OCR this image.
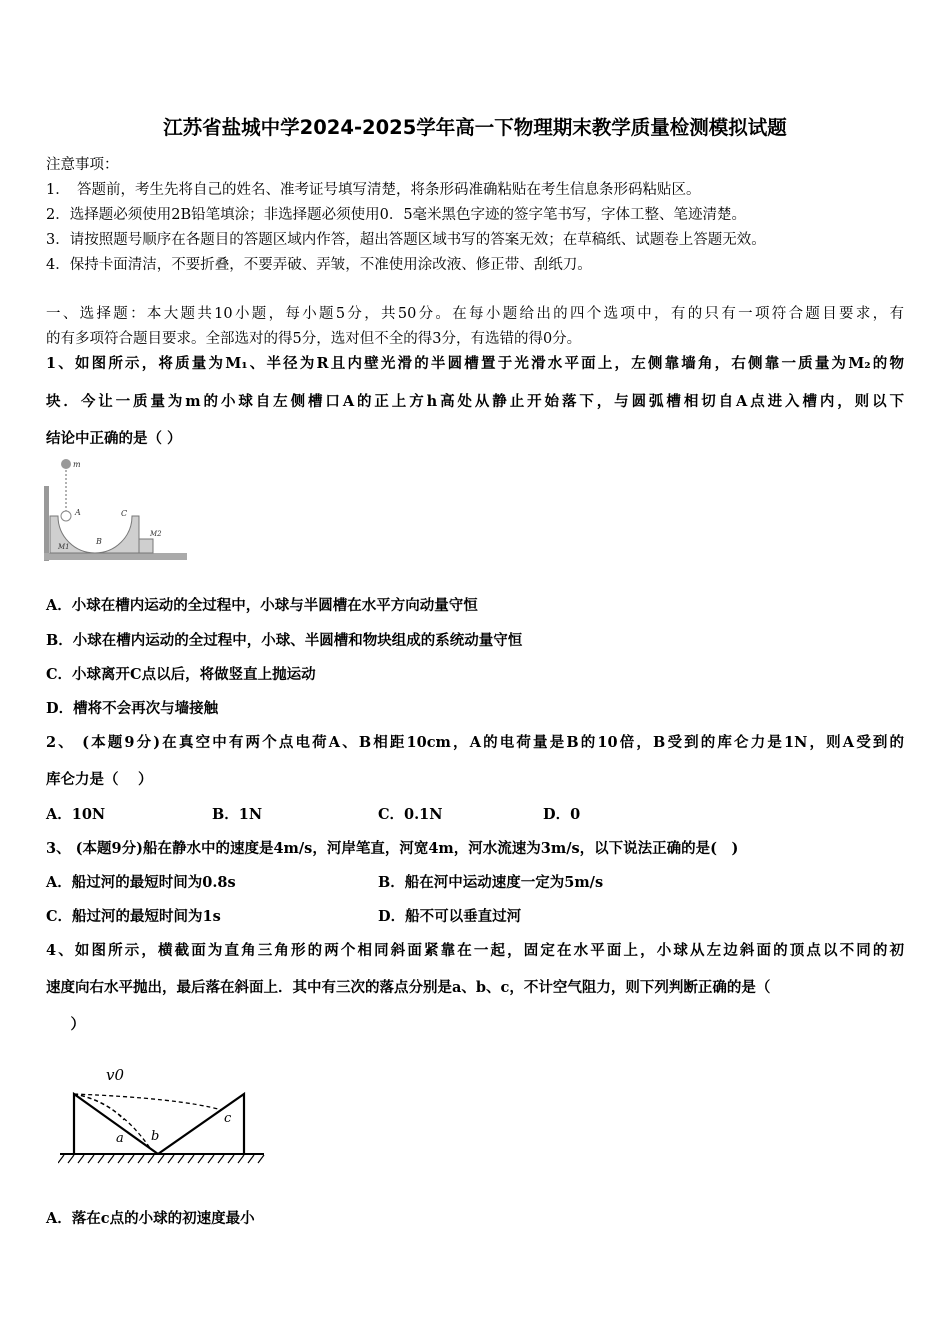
江苏省盐城中学2024-2025学年高一下物理期末教学质量检测模拟试题
注意事项：
1．　答题前，考生先将自己的姓名、准考证号填写清楚，将条形码准确粘贴在考生信息条形码粘贴区。
2．选择题必须使用2B铅笔填涂；非选择题必须使用0．5毫米黑色字迹的签字笔书写，字体工整、笔迹清楚。
3．请按照题号顺序在各题目的答题区域内作答，超出答题区域书写的答案无效；在草稿纸、试题卷上答题无效。
4．保持卡面清洁，不要折叠，不要弄破、弄皱，不准使用涂改液、修正带、刮纸刀。
一、选择题：本大题共10小题，每小题5分，共50分。在每小题给出的四个选项中，有的只有一项符合题目要求，有
的有多项符合题目要求。全部选对的得5分，选对但不全的得3分，有选错的得0分。
1、如图所示，将质量为M₁、半径为R且内壁光滑的半圆槽置于光滑水平面上，左侧靠墙角，右侧靠一质量为M₂的物
块．今让一质量为m的小球自左侧槽口A的正上方h高处从静止开始落下，与圆弧槽相切自A点进入槽内，则以下
结论中正确的是（ ）
m
A
B
C
M1
M2
A．小球在槽内运动的全过程中，小球与半圆槽在水平方向动量守恒
B．小球在槽内运动的全过程中，小球、半圆槽和物块组成的系统动量守恒
C．小球离开C点以后，将做竖直上抛运动
D．槽将不会再次与墙接触
2、 (本题9分)在真空中有两个点电荷A、B相距10cm，A的电荷量是B的10倍，B受到的库仑力是1N，则A受到的
库仑力是（　 ）
A．10N	B．1N	C．0.1N	D．0
3、 (本题9分)船在静水中的速度是4m/s，河岸笔直，河宽4m，河水流速为3m/s，以下说法正确的是(　)
A．船过河的最短时间为0.8s	B．船在河中运动速度一定为5m/s
C．船过河的最短时间为1s	D．船不可以垂直过河
4、如图所示，横截面为直角三角形的两个相同斜面紧靠在一起，固定在水平面上，小球从左边斜面的顶点以不同的初
速度向右水平抛出，最后落在斜面上．其中有三次的落点分别是a、b、c，不计空气阻力，则下列判断正确的是（
　）
v0
a b
c
A．落在c点的小球的初速度最小
